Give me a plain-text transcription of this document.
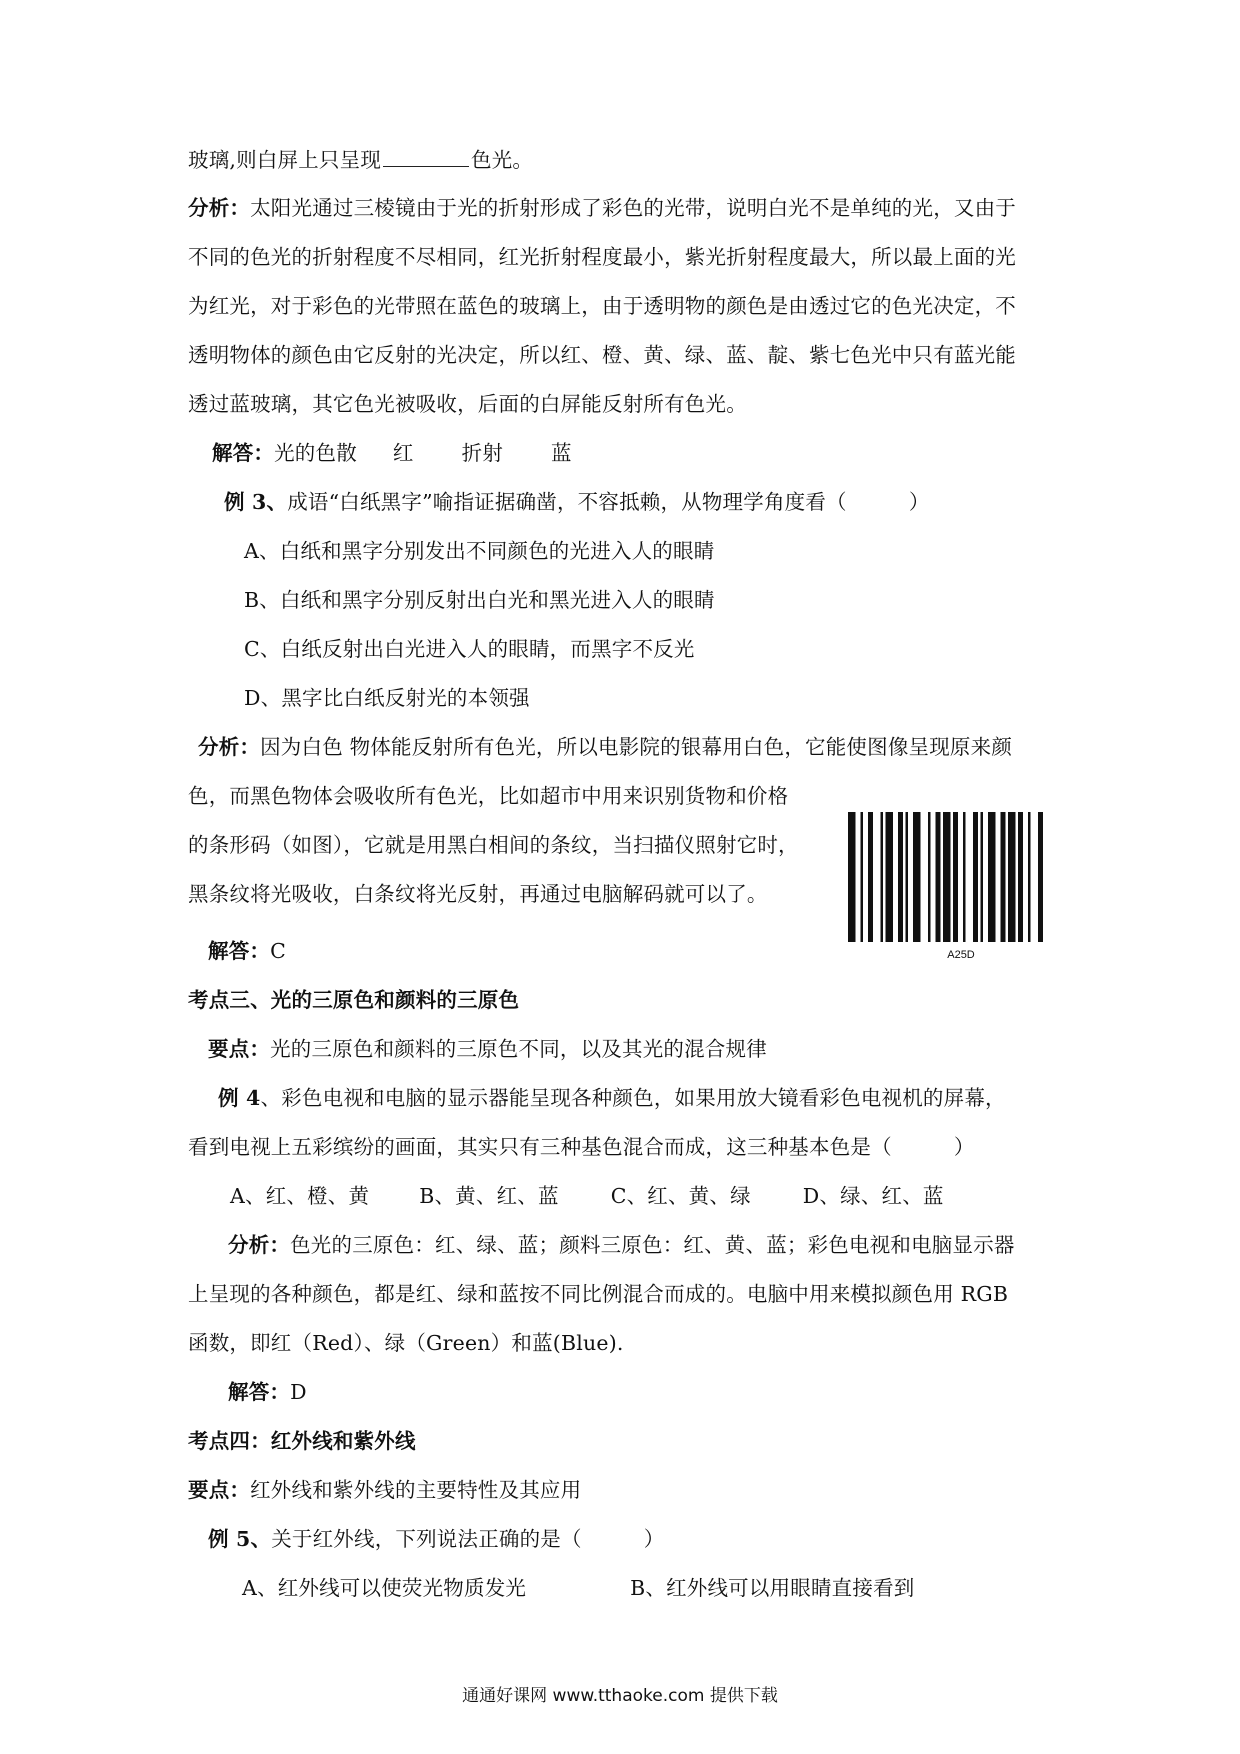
玻璃,则白屏上只呈现	色光。
分析：太阳光通过三棱镜由于光的折射形成了彩色的光带，说明白光不是单纯的光，又由于
不同的色光的折射程度不尽相同，红光折射程度最小，紫光折射程度最大，所以最上面的光
为红光，对于彩色的光带照在蓝色的玻璃上，由于透明物的颜色是由透过它的色光决定，不
透明物体的颜色由它反射的光决定，所以红、橙、黄、绿、蓝、靛、紫七色光中只有蓝光能
透过蓝玻璃，其它色光被吸收，后面的白屏能反射所有色光。
解答：光的色散 红 折射 蓝
例 3、成语“白纸黑字”喻指证据确凿，不容抵赖，从物理学角度看（　　　）
A、白纸和黑字分别发出不同颜色的光进入人的眼睛
B、白纸和黑字分别反射出白光和黑光进入人的眼睛
C、白纸反射出白光进入人的眼睛，而黑字不反光
D、黑字比白纸反射光的本领强
分析：因为白色 物体能反射所有色光，所以电影院的银幕用白色，它能使图像呈现原来颜
色，而黑色物体会吸收所有色光，比如超市中用来识别货物和价格
的条形码（如图），它就是用黑白相间的条纹，当扫描仪照射它时，
黑条纹将光吸收，白条纹将光反射，再通过电脑解码就可以了。
A25D
解答：C
考点三、光的三原色和颜料的三原色
要点：光的三原色和颜料的三原色不同，以及其光的混合规律
例 4、彩色电视和电脑的显示器能呈现各种颜色，如果用放大镜看彩色电视机的屏幕，
看到电视上五彩缤纷的画面，其实只有三种基色混合而成，这三种基本色是（　　　）
A、红、橙、黄 B、黄、红、蓝	C、红、黄、绿	D、绿、红、蓝
分析：色光的三原色：红、绿、蓝；颜料三原色：红、黄、蓝；彩色电视和电脑显示器
上呈现的各种颜色，都是红、绿和蓝按不同比例混合而成的。电脑中用来模拟颜色用 RGB
函数，即红（Red）、绿（Green）和蓝(Blue).
解答：D
考点四：红外线和紫外线
要点：红外线和紫外线的主要特性及其应用
例 5、关于红外线，下列说法正确的是（　　　）
A、红外线可以使荧光物质发光	B、红外线可以用眼睛直接看到
通通好课网 www.tthaoke.com 提供下载
